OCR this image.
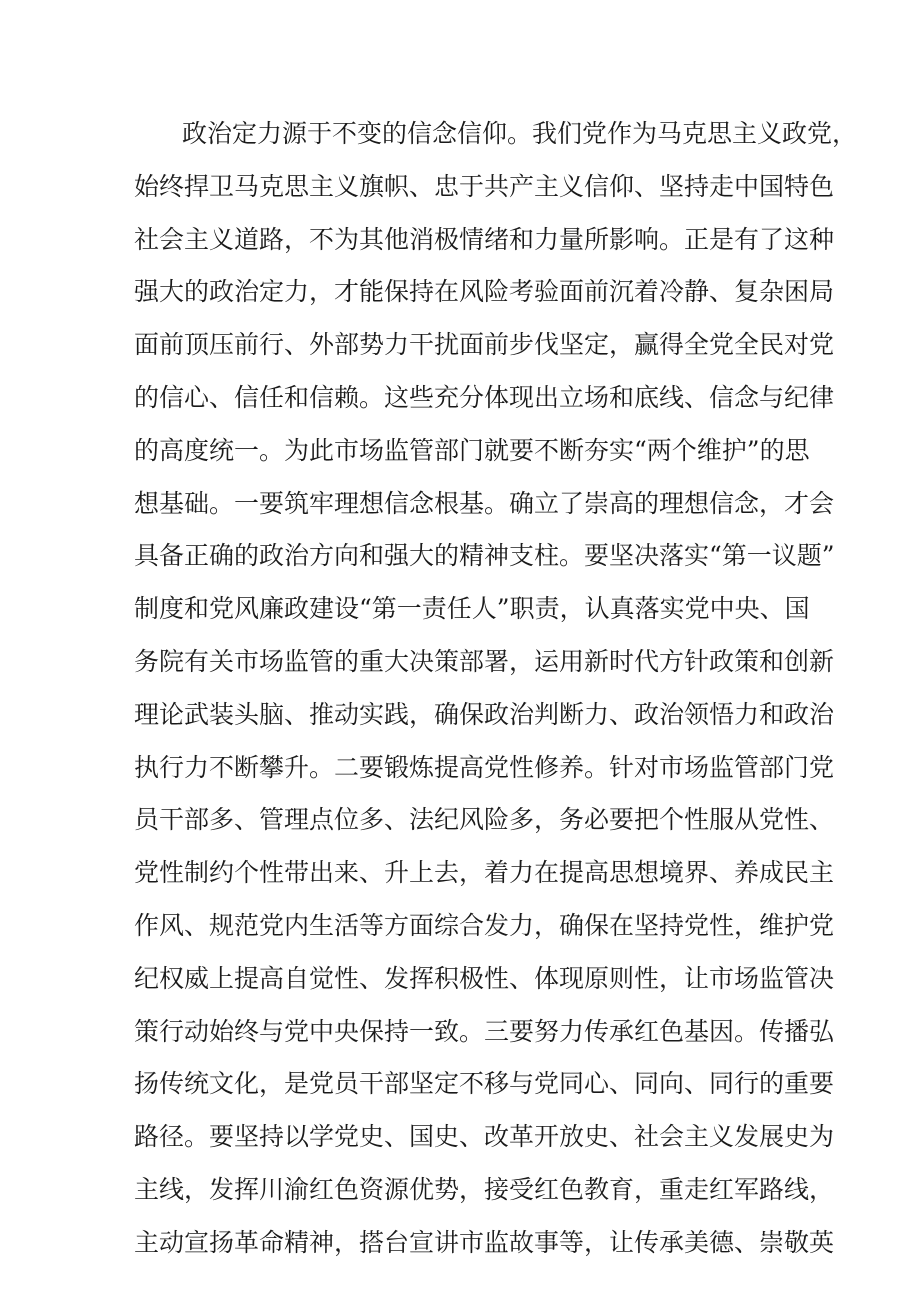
政治定力源于不变的信念信仰。我们党作为马克思主义政党，
始终捍卫马克思主义旗帜、忠于共产主义信仰、坚持走中国特色
社会主义道路，不为其他消极情绪和力量所影响。正是有了这种
强大的政治定力，才能保持在风险考验面前沉着冷静、复杂困局
面前顶压前行、外部势力干扰面前步伐坚定，赢得全党全民对党
的信心、信任和信赖。这些充分体现出立场和底线、信念与纪律
的高度统一。为此市场监管部门就要不断夯实“两个维护”的思
想基础。一要筑牢理想信念根基。确立了崇高的理想信念，才会
具备正确的政治方向和强大的精神支柱。要坚决落实“第一议题”
制度和党风廉政建设“第一责任人”职责，认真落实党中央、国
务院有关市场监管的重大决策部署，运用新时代方针政策和创新
理论武装头脑、推动实践，确保政治判断力、政治领悟力和政治
执行力不断攀升。二要锻炼提高党性修养。针对市场监管部门党
员干部多、管理点位多、法纪风险多，务必要把个性服从党性、
党性制约个性带出来、升上去，着力在提高思想境界、养成民主
作风、规范党内生活等方面综合发力，确保在坚持党性，维护党
纪权威上提高自觉性、发挥积极性、体现原则性，让市场监管决
策行动始终与党中央保持一致。三要努力传承红色基因。传播弘
扬传统文化，是党员干部坚定不移与党同心、同向、同行的重要
路径。要坚持以学党史、国史、改革开放史、社会主义发展史为
主线，发挥川渝红色资源优势，接受红色教育，重走红军路线，
主动宣扬革命精神，搭台宣讲市监故事等，让传承美德、崇敬英
